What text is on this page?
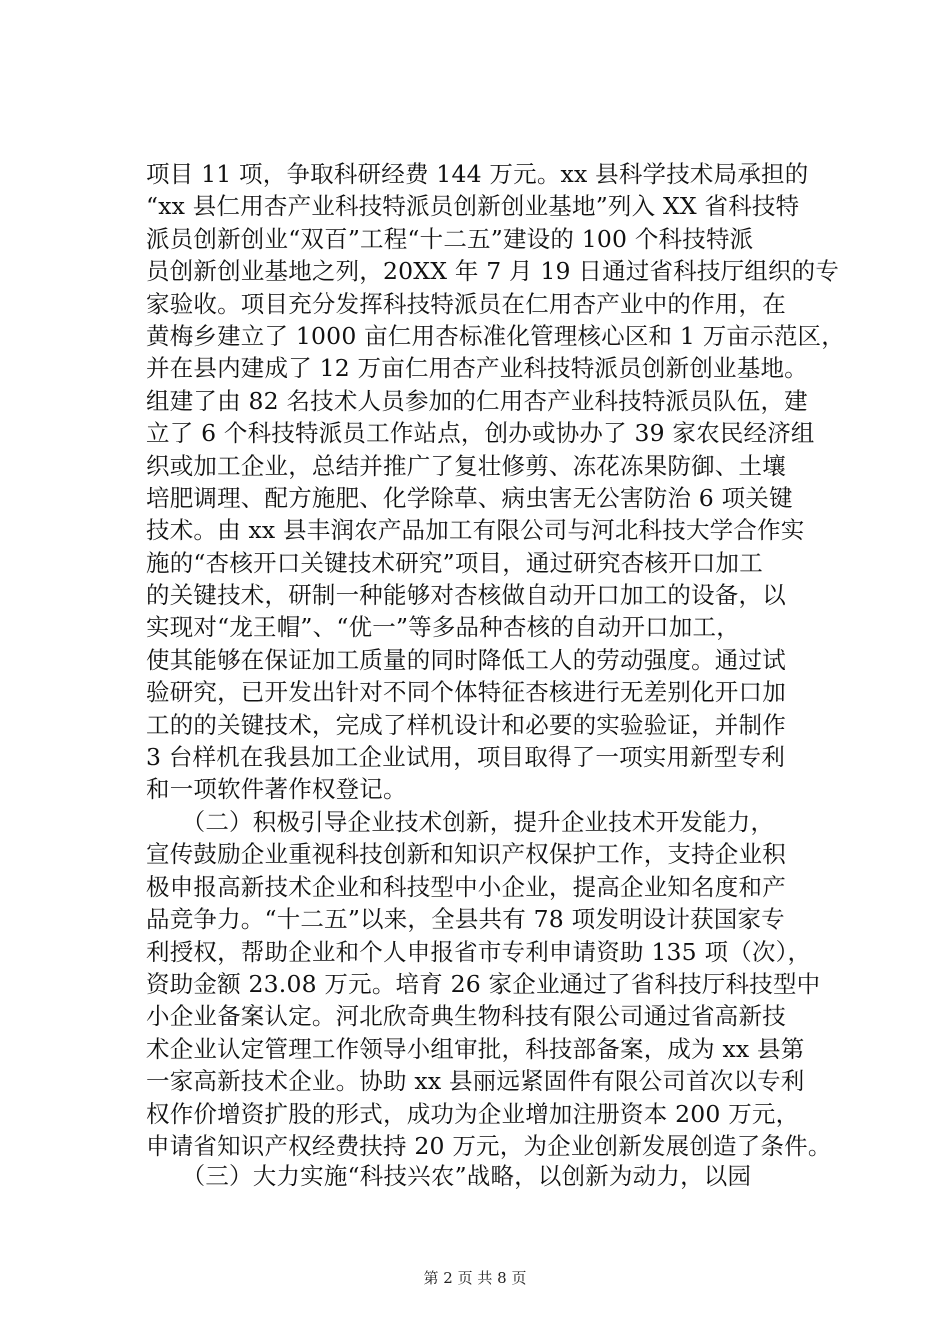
项目 11 项，争取科研经费 144 万元。xx 县科学技术局承担的
“xx 县仁用杏产业科技特派员创新创业基地”列入 XX 省科技特
派员创新创业“双百”工程“十二五”建设的 100 个科技特派
员创新创业基地之列，20XX 年 7 月 19 日通过省科技厅组织的专
家验收。项目充分发挥科技特派员在仁用杏产业中的作用，在
黄梅乡建立了 1000 亩仁用杏标准化管理核心区和 1 万亩示范区，
并在县内建成了 12 万亩仁用杏产业科技特派员创新创业基地。
组建了由 82 名技术人员参加的仁用杏产业科技特派员队伍，建
立了 6 个科技特派员工作站点，创办或协办了 39 家农民经济组
织或加工企业，总结并推广了复壮修剪、冻花冻果防御、土壤
培肥调理、配方施肥、化学除草、病虫害无公害防治 6 项关键
技术。由 xx 县丰润农产品加工有限公司与河北科技大学合作实
施的“杏核开口关键技术研究”项目，通过研究杏核开口加工
的关键技术，研制一种能够对杏核做自动开口加工的设备，以
实现对“龙王帽”、“优一”等多品种杏核的自动开口加工，
使其能够在保证加工质量的同时降低工人的劳动强度。通过试
验研究，已开发出针对不同个体特征杏核进行无差别化开口加
工的的关键技术，完成了样机设计和必要的实验验证，并制作
3 台样机在我县加工企业试用，项目取得了一项实用新型专利
和一项软件著作权登记。
　　（二）积极引导企业技术创新，提升企业技术开发能力，
宣传鼓励企业重视科技创新和知识产权保护工作，支持企业积
极申报高新技术企业和科技型中小企业，提高企业知名度和产
品竞争力。“十二五”以来，全县共有 78 项发明设计获国家专
利授权，帮助企业和个人申报省市专利申请资助 135 项（次），
资助金额 23.08 万元。培育 26 家企业通过了省科技厅科技型中
小企业备案认定。河北欣奇典生物科技有限公司通过省高新技
术企业认定管理工作领导小组审批，科技部备案，成为 xx 县第
一家高新技术企业。协助 xx 县丽远紧固件有限公司首次以专利
权作价增资扩股的形式，成功为企业增加注册资本 200 万元，
申请省知识产权经费扶持 20 万元，为企业创新发展创造了条件。
　　（三）大力实施“科技兴农”战略，以创新为动力，以园
第 2 页 共 8 页
